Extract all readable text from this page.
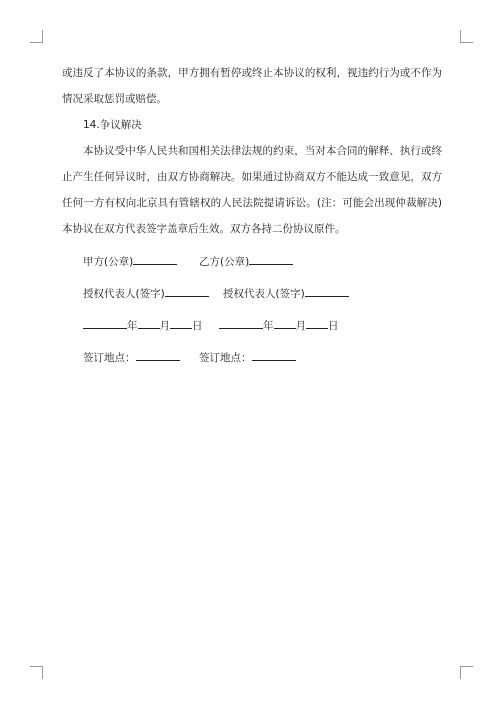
或违反了本协议的条款，甲方拥有暂停或终止本协议的权利，视违约行为或不作为情况采取惩罚或赔偿。

14.争议解决

本协议受中华人民共和国相关法律法规的约束，当对本合同的解释、执行或终止产生任何异议时，由双方协商解决。如果通过协商双方不能达成一致意见，双方任何一方有权向北京具有管辖权的人民法院提请诉讼。(注：可能会出现仲裁解决)本协议在双方代表签字盖章后生效。双方各持二份协议原件。

甲方(公章)	乙方(公章)
授权代表人(签字)	授权代表人(签字)
年 月 日	年 月 日
签订地点：	签订地点：
